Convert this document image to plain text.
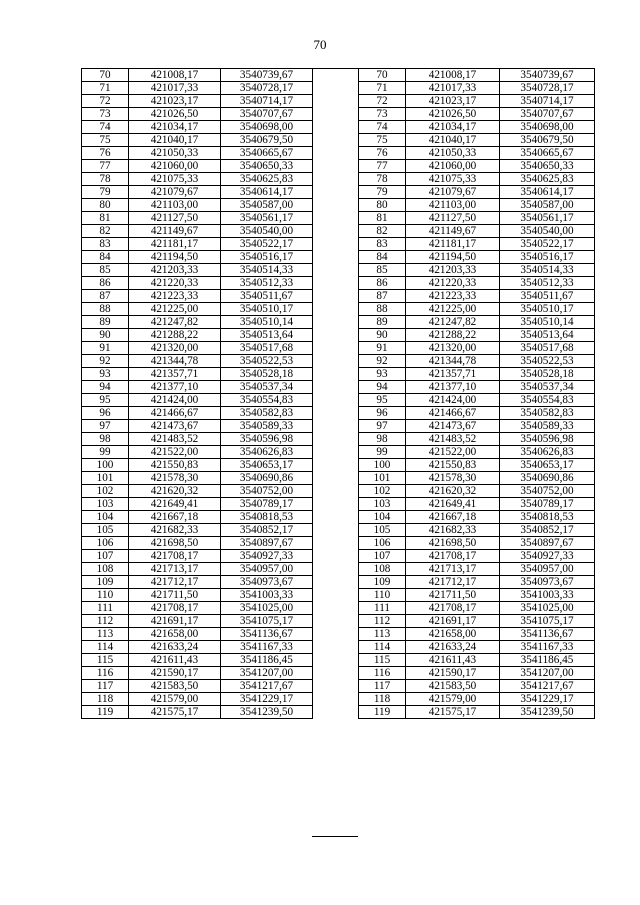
70
70	421008,17	3540739,67
71	421017,33	3540728,17
72	421023,17	3540714,17
73	421026,50	3540707,67
74	421034,17	3540698,00
75	421040,17	3540679,50
76	421050,33	3540665,67
77	421060,00	3540650,33
78	421075,33	3540625,83
79	421079,67	3540614,17
80	421103,00	3540587,00
81	421127,50	3540561,17
82	421149,67	3540540,00
83	421181,17	3540522,17
84	421194,50	3540516,17
85	421203,33	3540514,33
86	421220,33	3540512,33
87	421223,33	3540511,67
88	421225,00	3540510,17
89	421247,82	3540510,14
90	421288,22	3540513,64
91	421320,00	3540517,68
92	421344,78	3540522,53
93	421357,71	3540528,18
94	421377,10	3540537,34
95	421424,00	3540554,83
96	421466,67	3540582,83
97	421473,67	3540589,33
98	421483,52	3540596,98
99	421522,00	3540626,83
100	421550,83	3540653,17
101	421578,30	3540690,86
102	421620,32	3540752,00
103	421649,41	3540789,17
104	421667,18	3540818,53
105	421682,33	3540852,17
106	421698,50	3540897,67
107	421708,17	3540927,33
108	421713,17	3540957,00
109	421712,17	3540973,67
110	421711,50	3541003,33
111	421708,17	3541025,00
112	421691,17	3541075,17
113	421658,00	3541136,67
114	421633,24	3541167,33
115	421611,43	3541186,45
116	421590,17	3541207,00
117	421583,50	3541217,67
118	421579,00	3541229,17
119	421575,17	3541239,50
70	421008,17	3540739,67
71	421017,33	3540728,17
72	421023,17	3540714,17
73	421026,50	3540707,67
74	421034,17	3540698,00
75	421040,17	3540679,50
76	421050,33	3540665,67
77	421060,00	3540650,33
78	421075,33	3540625,83
79	421079,67	3540614,17
80	421103,00	3540587,00
81	421127,50	3540561,17
82	421149,67	3540540,00
83	421181,17	3540522,17
84	421194,50	3540516,17
85	421203,33	3540514,33
86	421220,33	3540512,33
87	421223,33	3540511,67
88	421225,00	3540510,17
89	421247,82	3540510,14
90	421288,22	3540513,64
91	421320,00	3540517,68
92	421344,78	3540522,53
93	421357,71	3540528,18
94	421377,10	3540537,34
95	421424,00	3540554,83
96	421466,67	3540582,83
97	421473,67	3540589,33
98	421483,52	3540596,98
99	421522,00	3540626,83
100	421550,83	3540653,17
101	421578,30	3540690,86
102	421620,32	3540752,00
103	421649,41	3540789,17
104	421667,18	3540818,53
105	421682,33	3540852,17
106	421698,50	3540897,67
107	421708,17	3540927,33
108	421713,17	3540957,00
109	421712,17	3540973,67
110	421711,50	3541003,33
111	421708,17	3541025,00
112	421691,17	3541075,17
113	421658,00	3541136,67
114	421633,24	3541167,33
115	421611,43	3541186,45
116	421590,17	3541207,00
117	421583,50	3541217,67
118	421579,00	3541229,17
119	421575,17	3541239,50
